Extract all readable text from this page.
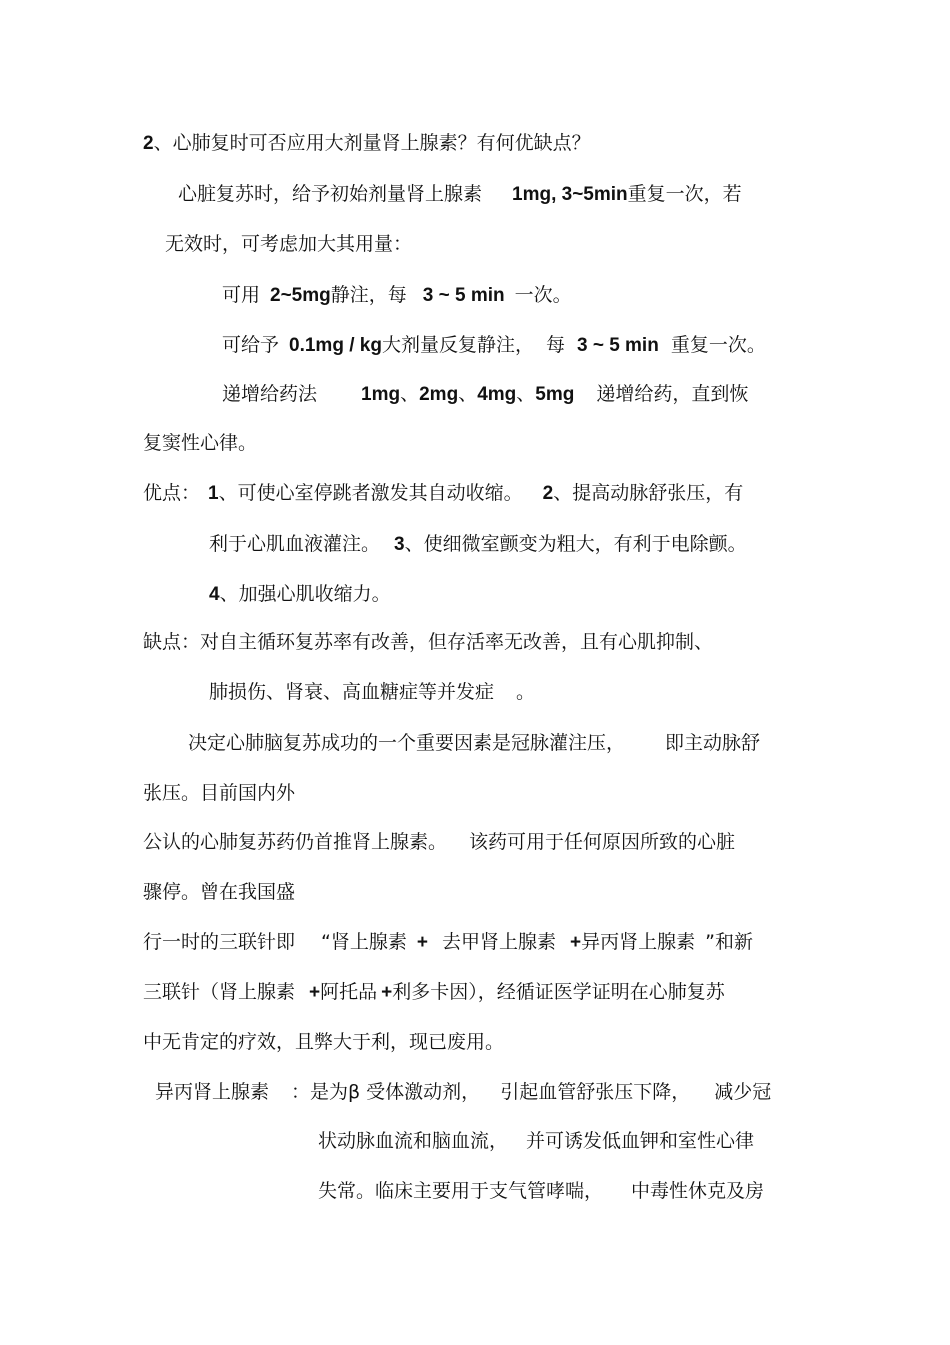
2、心肺复时可否应用大剂量肾上腺素？有何优缺点？
心脏复苏时，给予初始剂量肾上腺素 1mg, 3~5min重复一次，若
无效时，可考虑加大其用量：
可用 2~5mg静注，每 3 ~ 5 min 一次。
可给予 0.1mg / kg大剂量反复静注， 每 3 ~ 5 min 重复一次。
递增给药法 1mg、2mg、4mg、5mg 递增给药，直到恢
复窦性心律。
优点： 1、可使心室停跳者激发其自动收缩。 2、提高动脉舒张压，有
利于心肌血液灌注。 3、使细微室颤变为粗大，有利于电除颤。
4、加强心肌收缩力。
缺点：对自主循环复苏率有改善，但存活率无改善，且有心肌抑制、
肺损伤、肾衰、高血糖症等并发症 。
决定心肺脑复苏成功的一个重要因素是冠脉灌注压， 即主动脉舒
张压。目前国内外
公认的心肺复苏药仍首推肾上腺素。 该药可用于任何原因所致的心脏
骤停。曾在我国盛
行一时的三联针即 “肾上腺素 + 去甲肾上腺素 +异丙肾上腺素 ”和新
三联针（肾上腺素 +阿托品 +利多卡因），经循证医学证明在心肺复苏
中无肯定的疗效，且弊大于利，现已废用。
异丙肾上腺素 ：是为β 受体激动剂， 引起血管舒张压下降， 减少冠
状动脉血流和脑血流， 并可诱发低血钾和室性心律
失常。临床主要用于支气管哮喘， 中毒性休克及房
